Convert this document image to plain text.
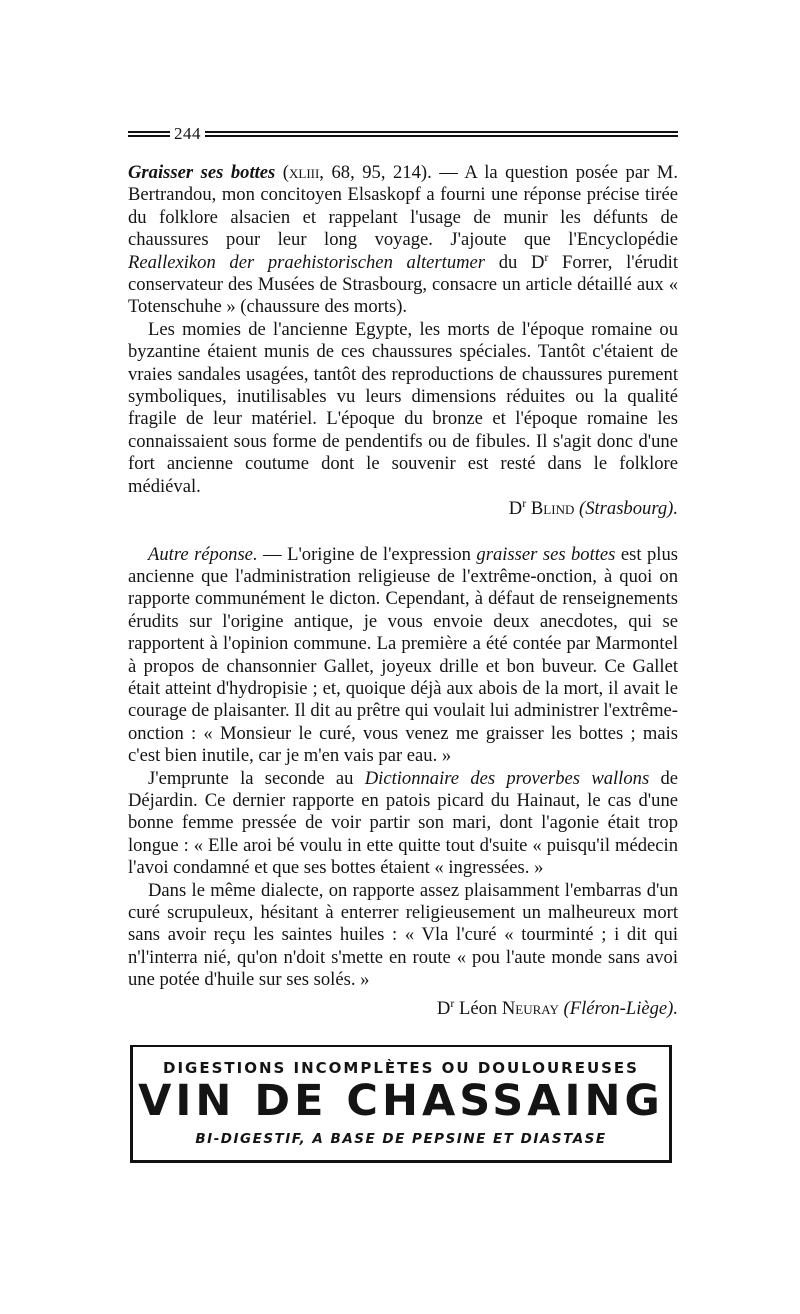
244

Graisser ses bottes (xliii, 68, 95, 214). — A la question posée par M. Bertrandou, mon concitoyen Elsaskopf a fourni une réponse précise tirée du folklore alsacien et rappelant l'usage de munir les défunts de chaussures pour leur long voyage. J'ajoute que l'Encyclopédie Reallexikon der praehistorischen altertumer du $D^r$ Forrer, l'érudit conservateur des Musées de Strasbourg, consacre un article détaillé aux « Totenschuhe » (chaussure des morts).

Les momies de l'ancienne Egypte, les morts de l'époque romaine ou byzantine étaient munis de ces chaussures spéciales. Tantôt c'étaient de vraies sandales usagées, tantôt des reproductions de chaussures purement symboliques, inutilisables vu leurs dimensions réduites ou la qualité fragile de leur matériel. L'époque du bronze et l'époque romaine les connaissaient sous forme de pendentifs ou de fibules. Il s'agit donc d'une fort ancienne coutume dont le souvenir est resté dans le folklore médiéval.

$D^r$ Blind (Strasbourg).

Autre réponse. — L'origine de l'expression graisser ses bottes est plus ancienne que l'administration religieuse de l'extrême-onction, à quoi on rapporte communément le dicton. Cependant, à défaut de renseignements érudits sur l'origine antique, je vous envoie deux anecdotes, qui se rapportent à l'opinion commune. La première a été contée par Marmontel à propos de chansonnier Gallet, joyeux drille et bon buveur. Ce Gallet était atteint d'hydropisie ; et, quoique déjà aux abois de la mort, il avait le courage de plaisanter. Il dit au prêtre qui voulait lui administrer l'extrême-onction : « Monsieur le curé, vous venez me graisser les bottes ; mais c'est bien inutile, car je m'en vais par eau. »

J'emprunte la seconde au Dictionnaire des proverbes wallons de Déjardin. Ce dernier rapporte en patois picard du Hainaut, le cas d'une bonne femme pressée de voir partir son mari, dont l'agonie était trop longue : « Elle aroi bé voulu in ette quitte tout d'suite « puisqu'il médecin l'avoi condamné et que ses bottes étaient « ingressées. »

Dans le même dialecte, on rapporte assez plaisamment l'embarras d'un curé scrupuleux, hésitant à enterrer religieusement un malheureux mort sans avoir reçu les saintes huiles : « Vla l'curé « tourminté ; i dit qui n'l'interra nié, qu'on n'doit s'mette en route « pou l'aute monde sans avoi une potée d'huile sur ses solés. »

$D^r$ Léon Neuray (Fléron-Liège).
DIGESTIONS INCOMPLÈTES OU DOULOUREUSES
VIN DE CHASSAING
BI-DIGESTIF, A BASE DE PEPSINE ET DIASTASE
